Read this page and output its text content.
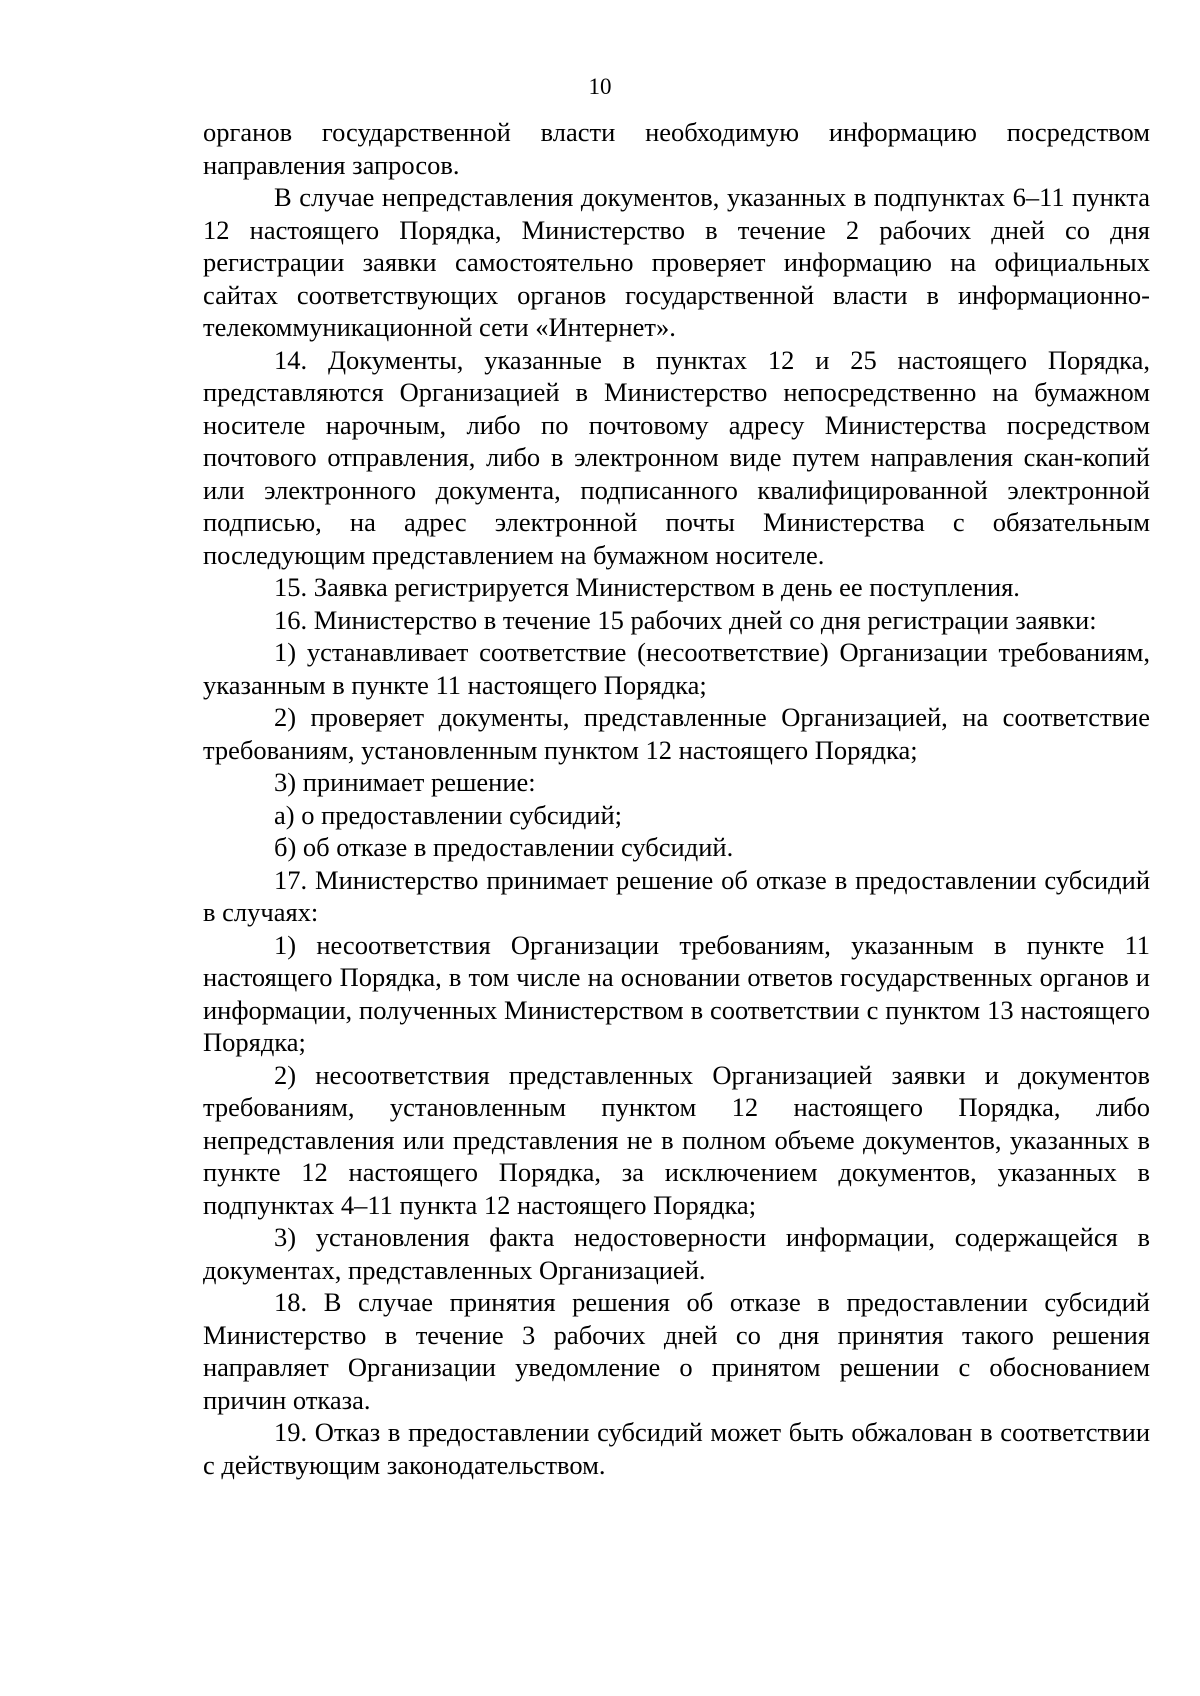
10

органов государственной власти необходимую информацию посредством направления запросов.

В случае непредставления документов, указанных в подпунктах 6–11 пункта 12 настоящего Порядка, Министерство в течение 2 рабочих дней со дня регистрации заявки самостоятельно проверяет информацию на официальных сайтах соответствующих органов государственной власти в информационно-телекоммуникационной сети «Интернет».

14. Документы, указанные в пунктах 12 и 25 настоящего Порядка, представляются Организацией в Министерство непосредственно на бумажном носителе нарочным, либо по почтовому адресу Министерства посредством почтового отправления, либо в электронном виде путем направления скан-копий или электронного документа, подписанного квалифицированной электронной подписью, на адрес электронной почты Министерства с обязательным последующим представлением на бумажном носителе.

15. Заявка регистрируется Министерством в день ее поступления.

16. Министерство в течение 15 рабочих дней со дня регистрации заявки:

1) устанавливает соответствие (несоответствие) Организации требованиям, указанным в пункте 11 настоящего Порядка;

2) проверяет документы, представленные Организацией, на соответствие требованиям, установленным пунктом 12 настоящего Порядка;

3) принимает решение:

а) о предоставлении субсидий;

б) об отказе в предоставлении субсидий.

17. Министерство принимает решение об отказе в предоставлении субсидий в случаях:

1) несоответствия Организации требованиям, указанным в пункте 11 настоящего Порядка, в том числе на основании ответов государственных органов и информации, полученных Министерством в соответствии с пунктом 13 настоящего Порядка;

2) несоответствия представленных Организацией заявки и документов требованиям, установленным пунктом 12 настоящего Порядка, либо непредставления или представления не в полном объеме документов, указанных в пункте 12 настоящего Порядка, за исключением документов, указанных в подпунктах 4–11 пункта 12 настоящего Порядка;

3) установления факта недостоверности информации, содержащейся в документах, представленных Организацией.

18. В случае принятия решения об отказе в предоставлении субсидий Министерство в течение 3 рабочих дней со дня принятия такого решения направляет Организации уведомление о принятом решении с обоснованием причин отказа.

19. Отказ в предоставлении субсидий может быть обжалован в соответствии с действующим законодательством.
